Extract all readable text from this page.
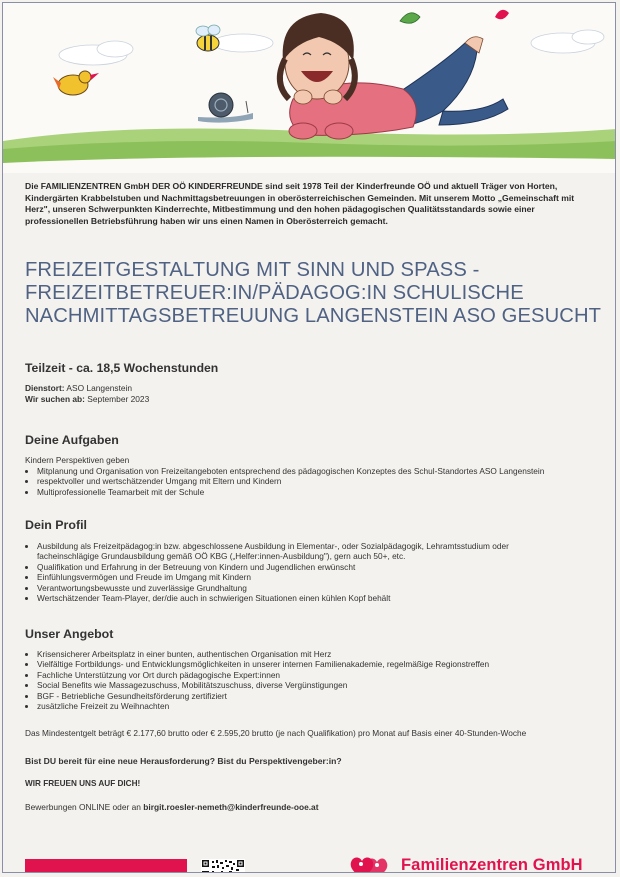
Die FAMILIENZENTREN GmbH DER OÖ KINDERFREUNDE sind seit 1978 Teil der Kinderfreunde OÖ und aktuell Träger von Horten, Kindergärten Krabbelstuben und Nachmittagsbetreuungen in oberösterreichischen Gemeinden. Mit unserem Motto „Gemeinschaft mit Herz", unseren Schwerpunkten Kinderrechte, Mitbestimmung und den hohen pädagogischen Qualitätsstandards sowie einer professionellen Betriebsführung haben wir uns einen Namen in Oberösterreich gemacht.
FREIZEITGESTALTUNG MIT SINN UND SPASS - FREIZEITBETREUER:IN/PÄDAGOG:IN SCHULISCHE NACHMITTAGSBETREUUNG LANGENSTEIN ASO GESUCHT
Teilzeit - ca. 18,5 Wochenstunden
Dienstort: ASO Langenstein
Wir suchen ab: September 2023
Deine Aufgaben
Kindern Perspektiven geben
• Mitplanung und Organisation von Freizeitangeboten entsprechend des pädagogischen Konzeptes des Schul-Standortes ASO Langenstein
• respektvoller und wertschätzender Umgang mit Eltern und Kindern
• Multiprofessionelle Teamarbeit mit der Schule
Dein Profil
• Ausbildung als Freizeitpädagog:in bzw. abgeschlossene Ausbildung in Elementar-, oder Sozialpädagogik, Lehramtsstudium oder facheinschlägige Grundausbildung gemäß OÖ KBG („Helfer:innen-Ausbildung"), gern auch 50+, etc.
• Qualifikation und Erfahrung in der Betreuung von Kindern und Jugendlichen erwünscht
• Einfühlungsvermögen und Freude im Umgang mit Kindern
• Verantwortungsbewusste und zuverlässige Grundhaltung
• Wertschätzender Team-Player, der/die auch in schwierigen Situationen einen kühlen Kopf behält
Unser Angebot
• Krisensicherer Arbeitsplatz in einer bunten, authentischen Organisation mit Herz
• Vielfältige Fortbildungs- und Entwicklungsmöglichkeiten in unserer internen Familienakademie, regelmäßige Regionstreffen
• Fachliche Unterstützung vor Ort durch pädagogische Expert:innen
• Social Benefits wie Massagezuschuss, Mobilitätszuschuss, diverse Vergünstigungen
• BGF - Betriebliche Gesundheitsförderung zertifiziert
• zusätzliche Freizeit zu Weihnachten
Das Mindestentgelt beträgt € 2.177,60 brutto oder € 2.595,20 brutto (je nach Qualifikation) pro Monat auf Basis einer 40-Stunden-Woche
Bist DU bereit für eine neue Herausforderung? Bist du Perspektivengeber:in?
WIR FREUEN UNS AUF DICH!
Bewerbungen ONLINE oder an birgit.roesler-nemeth@kinderfreunde-ooe.at
Familienzentren GmbH
